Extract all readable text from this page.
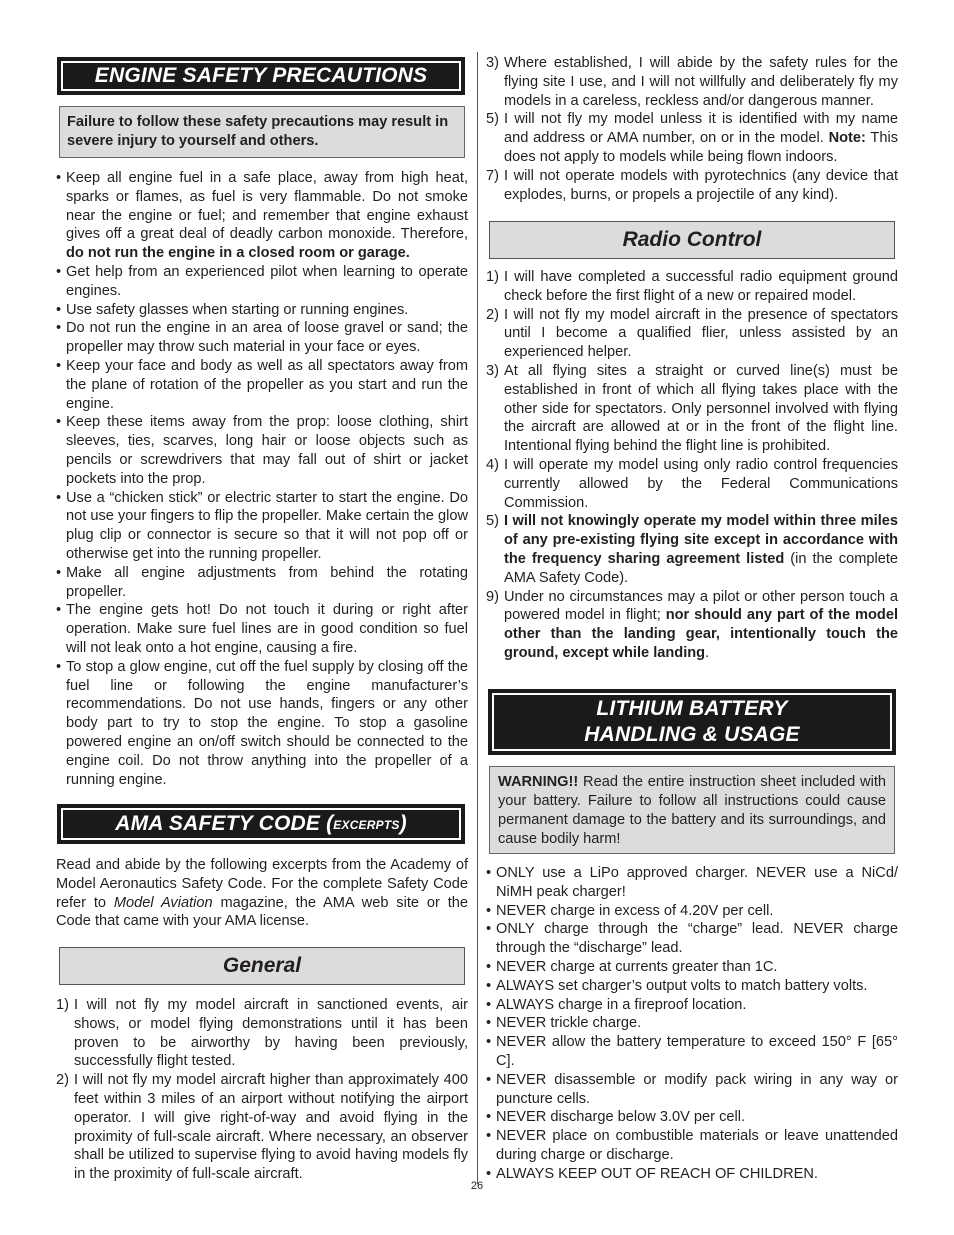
ENGINE SAFETY PRECAUTIONS
Failure to follow these safety precautions may result in severe injury to yourself and others.
• Keep all engine fuel in a safe place, away from high heat, sparks or flames, as fuel is very flammable. Do not smoke near the engine or fuel; and remember that engine exhaust gives off a great deal of deadly carbon monoxide. Therefore, do not run the engine in a closed room or garage.
• Get help from an experienced pilot when learning to operate engines.
• Use safety glasses when starting or running engines.
• Do not run the engine in an area of loose gravel or sand; the propeller may throw such material in your face or eyes.
• Keep your face and body as well as all spectators away from the plane of rotation of the propeller as you start and run the engine.
• Keep these items away from the prop: loose clothing, shirt sleeves, ties, scarves, long hair or loose objects such as pencils or screwdrivers that may fall out of shirt or jacket pockets into the prop.
• Use a “chicken stick” or electric starter to start the engine. Do not use your fingers to flip the propeller. Make certain the glow plug clip or connector is secure so that it will not pop off or otherwise get into the running propeller.
• Make all engine adjustments from behind the rotating propeller.
• The engine gets hot! Do not touch it during or right after operation. Make sure fuel lines are in good condition so fuel will not leak onto a hot engine, causing a fire.
• To stop a glow engine, cut off the fuel supply by closing off the fuel line or following the engine manufacturer’s recommendations. Do not use hands, fingers or any other body part to try to stop the engine. To stop a gasoline powered engine an on/off switch should be connected to the engine coil. Do not throw anything into the propeller of a running engine.
AMA SAFETY CODE ( excerpts )
Read and abide by the following excerpts from the Academy of Model Aeronautics Safety Code. For the complete Safety Code refer to Model Aviation magazine, the AMA web site or the Code that came with your AMA license.
General
1) I will not fly my model aircraft in sanctioned events, air shows, or model flying demonstrations until it has been proven to be airworthy by having been previously, successfully flight tested.
2) I will not fly my model aircraft higher than approximately 400 feet within 3 miles of an airport without notifying the airport operator. I will give right-of-way and avoid flying in the proximity of full-scale aircraft. Where necessary, an observer shall be utilized to supervise flying to avoid having models fly in the proximity of full-scale aircraft.
3) Where established, I will abide by the safety rules for the flying site I use, and I will not willfully and deliberately fly my models in a careless, reckless and/or dangerous manner.
5) I will not fly my model unless it is identified with my name and address or AMA number, on or in the model. Note: This does not apply to models while being flown indoors.
7) I will not operate models with pyrotechnics (any device that explodes, burns, or propels a projectile of any kind).
Radio Control
1) I will have completed a successful radio equipment ground check before the first flight of a new or repaired model.
2) I will not fly my model aircraft in the presence of spectators until I become a qualified flier, unless assisted by an experienced helper.
3) At all flying sites a straight or curved line(s) must be established in front of which all flying takes place with the other side for spectators. Only personnel involved with flying the aircraft are allowed at or in the front of the flight line. Intentional flying behind the flight line is prohibited.
4) I will operate my model using only radio control frequencies currently allowed by the Federal Communications Commission.
5) I will not knowingly operate my model within three miles of any pre-existing flying site except in accordance with the frequency sharing agreement listed (in the complete AMA Safety Code).
9) Under no circumstances may a pilot or other person touch a powered model in flight; nor should any part of the model other than the landing gear, intentionally touch the ground, except while landing.
LITHIUM BATTERY
HANDLING & USAGE
WARNING!! Read the entire instruction sheet included with your battery. Failure to follow all instructions could cause permanent damage to the battery and its surroundings, and cause bodily harm!
• ONLY use a LiPo approved charger. NEVER use a NiCd/ NiMH peak charger!
• NEVER charge in excess of 4.20V per cell.
• ONLY charge through the “charge” lead. NEVER charge through the “discharge” lead.
• NEVER charge at currents greater than 1C.
• ALWAYS set charger’s output volts to match battery volts.
• ALWAYS charge in a fireproof location.
• NEVER trickle charge.
• NEVER allow the battery temperature to exceed 150° F [65° C].
• NEVER disassemble or modify pack wiring in any way or puncture cells.
• NEVER discharge below 3.0V per cell.
• NEVER place on combustible materials or leave unattended during charge or discharge.
• ALWAYS KEEP OUT OF REACH OF CHILDREN.
26
